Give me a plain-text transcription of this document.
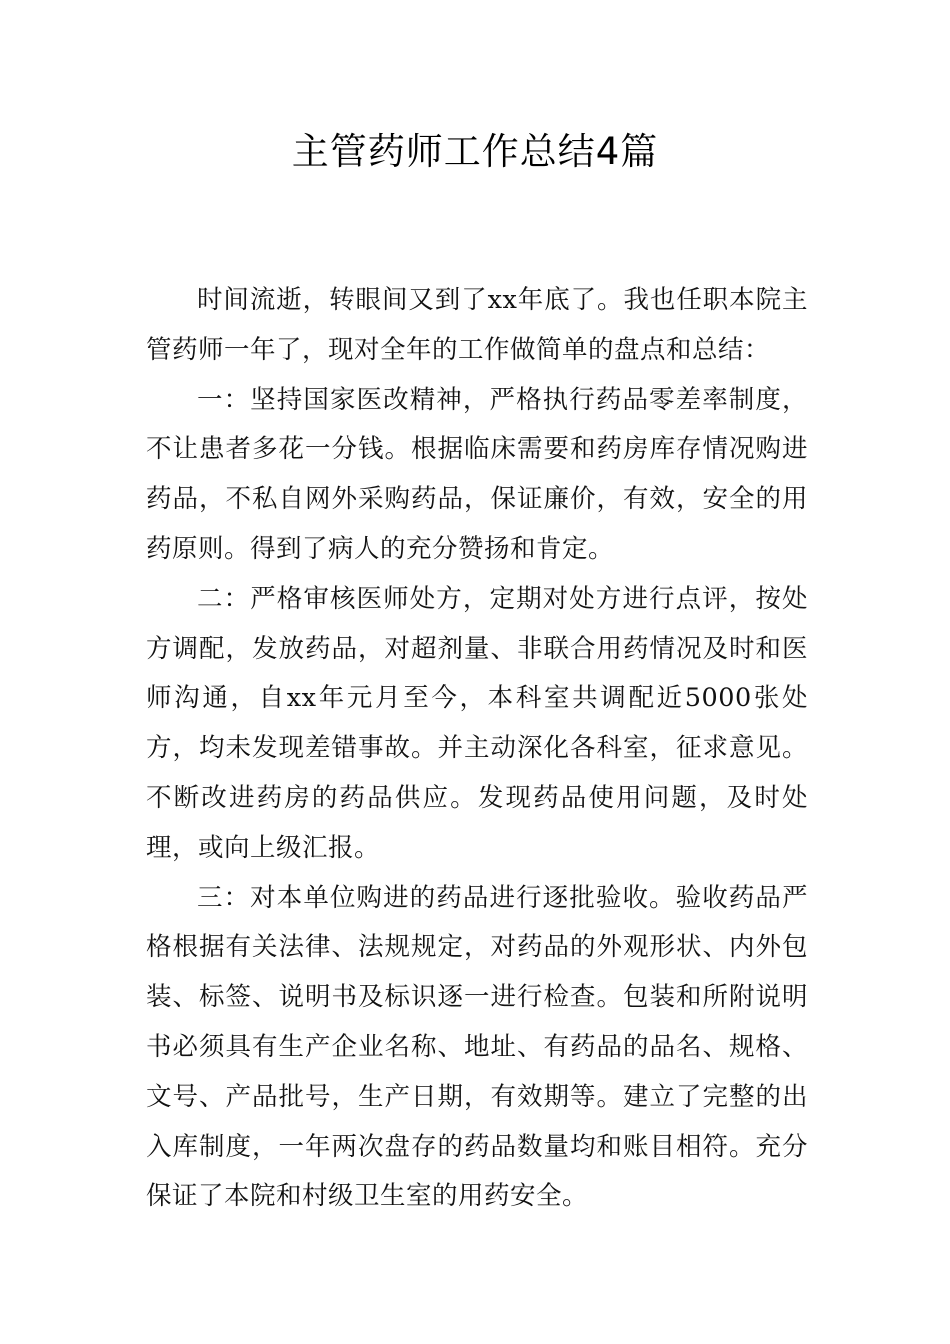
主管药师工作总结4篇

时间流逝，转眼间又到了xx年底了。我也任职本院主管药师一年了，现对全年的工作做简单的盘点和总结：

一：坚持国家医改精神，严格执行药品零差率制度，不让患者多花一分钱。根据临床需要和药房库存情况购进药品，不私自网外采购药品，保证廉价，有效，安全的用药原则。得到了病人的充分赞扬和肯定。

二：严格审核医师处方，定期对处方进行点评，按处方调配，发放药品，对超剂量、非联合用药情况及时和医师沟通，自xx年元月至今，本科室共调配近5000张处方，均未发现差错事故。并主动深化各科室，征求意见。不断改进药房的药品供应。发现药品使用问题，及时处理，或向上级汇报。

三：对本单位购进的药品进行逐批验收。验收药品严格根据有关法律、法规规定，对药品的外观形状、内外包装、标签、说明书及标识逐一进行检查。包装和所附说明书必须具有生产企业名称、地址、有药品的品名、规格、文号、产品批号，生产日期，有效期等。建立了完整的出入库制度，一年两次盘存的药品数量均和账目相符。充分保证了本院和村级卫生室的用药安全。
